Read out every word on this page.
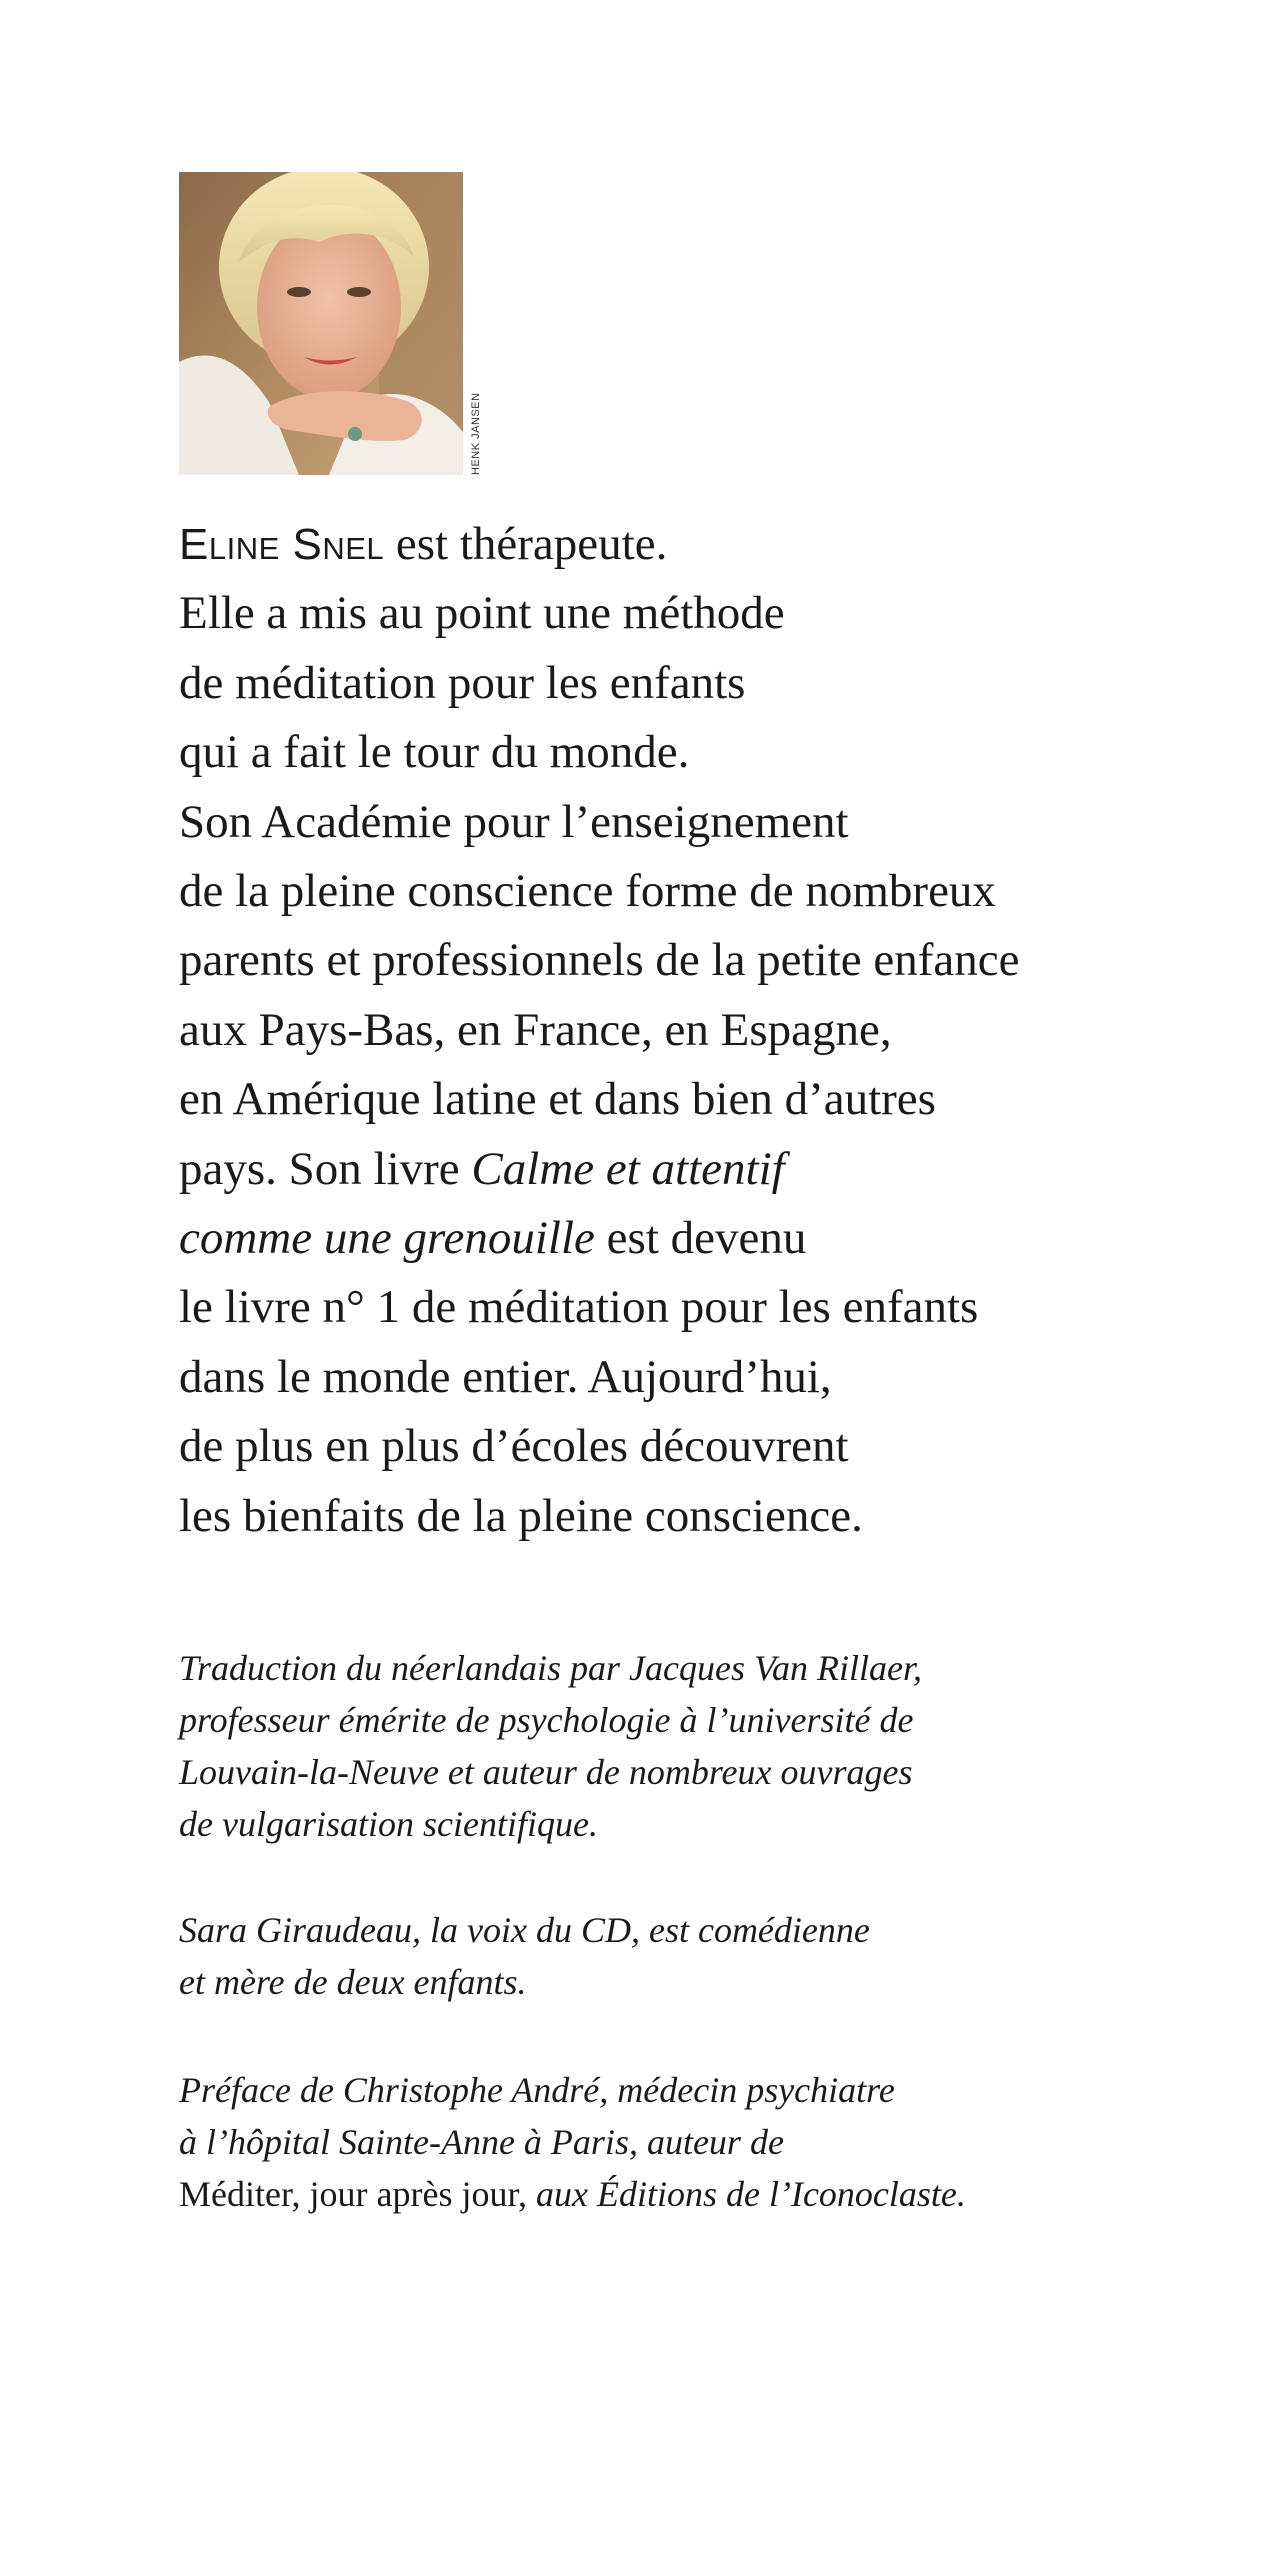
HENK JANSEN
Eline Snel est thérapeute.
Elle a mis au point une méthode
de méditation pour les enfants
qui a fait le tour du monde.
Son Académie pour l’enseignement
de la pleine conscience forme de nombreux
parents et professionnels de la petite enfance
aux Pays-Bas, en France, en Espagne,
en Amérique latine et dans bien d’autres
pays. Son livre Calme et attentif
comme une grenouille est devenu
le livre n° 1 de méditation pour les enfants
dans le monde entier. Aujourd’hui,
de plus en plus d’écoles découvrent
les bienfaits de la pleine conscience.
Traduction du néerlandais par Jacques Van Rillaer,
professeur émérite de psychologie à l’université de
Louvain-la-Neuve et auteur de nombreux ouvrages
de vulgarisation scientifique.
Sara Giraudeau, la voix du CD, est comédienne
et mère de deux enfants.
Préface de Christophe André, médecin psychiatre
à l’hôpital Sainte-Anne à Paris, auteur de
Méditer, jour après jour, aux Éditions de l’Iconoclaste.
